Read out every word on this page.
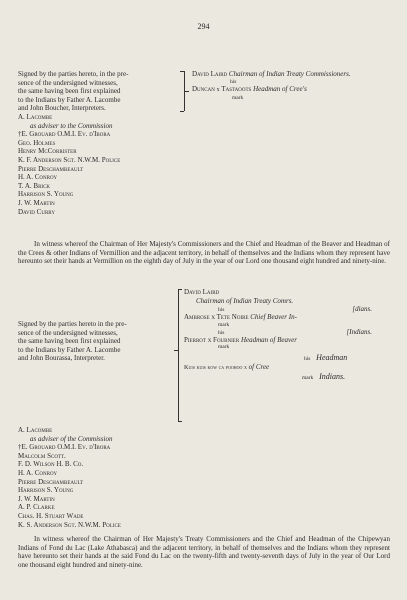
294
Signed by the parties hereto, in the pre-
sence of the undersigned witnesses,
the same having been first explained
to the Indians by Father A. Lacombe
and John Boucher, Interpreters.
David Laird Chairman of Indian Treaty Commissioners.
his
Duncan x Tastaoots Headman of Cree's
mark
A. Lacombe
as adviser to the Commission
†E. Grouard O.M.I. Ev. d'Ibora
Geo. Holmes
Henry McCorrister
K. F. Anderson Sgt. N.W.M. Police
Pierre Deschambeault
H. A. Conroy
T. A. Brick
Harrison S. Young
J. W. Martin
David Curry
In witness whereof the Chairman of Her Majesty's Commissioners and the Chief and Headman of the Beaver and Headman of the Crees & other Indians of Vermillion and the adjacent territory, in behalf of themselves and the Indians whom they represent have hereunto set their hands at Vermillion on the eighth day of July in the year of our Lord one thousand eight hundred and ninety-nine.
Signed by the parties hereto in the pre-
sence of the undersigned witnesses,
the same having been first explained
to the Indians by Father A. Lacombe
and John Bourassa, Interpreter.
David Laird
Chairman of Indian Treaty Comrs.
his	[dians.
Ambrose x Tete Noire Chief Beaver In-
mark
his	[Indians.
Pierrot x Fournier Headman of Beaver
mark
his Headman
Kuis kuis kow ca poohoo x of Cree
mark Indians.
A. Lacombe
as adviser of the Commission
†E. Grouard O.M.I. Ev. d'Ibora
Malcolm Scott.
F. D. Wilson H. B. Co.
H. A. Conroy
Pierre Deschambeault
Harrison S. Young
J. W. Martin
A. P. Clarke
Chas. H. Stuart Wade
K. S. Anderson Sgt. N.W.M. Police
In witness whereof the Chairman of Her Majesty's Treaty Commissioners and the Chief and Headman of the Chipewyan Indians of Fond du Lac (Lake Athabasca) and the adjacent territory, in behalf of themselves and the Indians whom they represent have hereunto set their hands at the said Fond du Lac on the twenty-fifth and twenty-seventh days of July in the year of Our Lord one thousand eight hundred and ninety-nine.
